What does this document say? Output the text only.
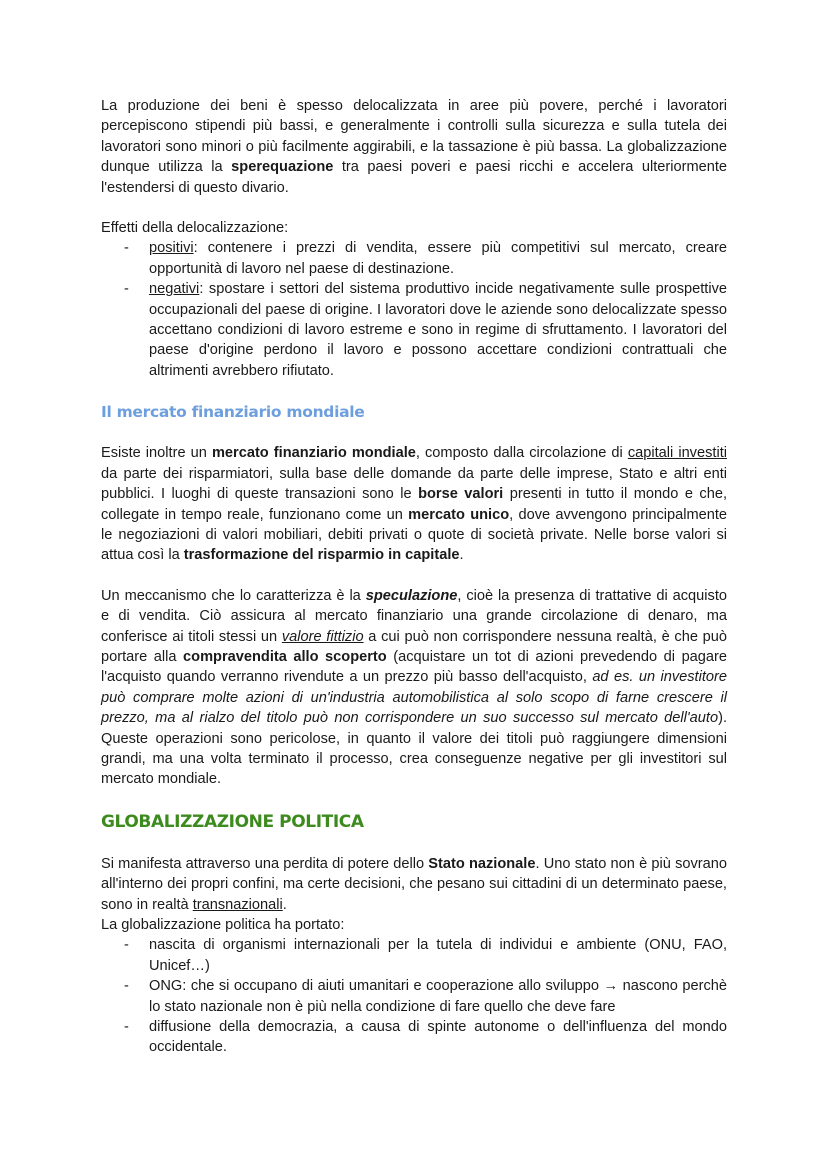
La produzione dei beni è spesso delocalizzata in aree più povere, perché i lavoratori percepiscono stipendi più bassi, e generalmente i controlli sulla sicurezza e sulla tutela dei lavoratori sono minori o più facilmente aggirabili, e la tassazione è più bassa. La globalizzazione dunque utilizza la sperequazione tra paesi poveri e paesi ricchi e accelera ulteriormente l'estendersi di questo divario.

Effetti della delocalizzazione:

- positivi: contenere i prezzi di vendita, essere più competitivi sul mercato, creare opportunità di lavoro nel paese di destinazione.
- negativi: spostare i settori del sistema produttivo incide negativamente sulle prospettive occupazionali del paese di origine. I lavoratori dove le aziende sono delocalizzate spesso accettano condizioni di lavoro estreme e sono in regime di sfruttamento. I lavoratori del paese d'origine perdono il lavoro e possono accettare condizioni contrattuali che altrimenti avrebbero rifiutato.
Il mercato finanziario mondiale

Esiste inoltre un mercato finanziario mondiale, composto dalla circolazione di capitali investiti da parte dei risparmiatori, sulla base delle domande da parte delle imprese, Stato e altri enti pubblici. I luoghi di queste transazioni sono le borse valori presenti in tutto il mondo e che, collegate in tempo reale, funzionano come un mercato unico, dove avvengono principalmente le negoziazioni di valori mobiliari, debiti privati o quote di società private. Nelle borse valori si attua così la trasformazione del risparmio in capitale.

Un meccanismo che lo caratterizza è la speculazione, cioè la presenza di trattative di acquisto e di vendita. Ciò assicura al mercato finanziario una grande circolazione di denaro, ma conferisce ai titoli stessi un valore fittizio a cui può non corrispondere nessuna realtà, è che può portare alla compravendita allo scoperto (acquistare un tot di azioni prevedendo di pagare l'acquisto quando verranno rivendute a un prezzo più basso dell'acquisto, ad es. un investitore può comprare molte azioni di un'industria automobilistica al solo scopo di farne crescere il prezzo, ma al rialzo del titolo può non corrispondere un suo successo sul mercato dell'auto). Queste operazioni sono pericolose, in quanto il valore dei titoli può raggiungere dimensioni grandi, ma una volta terminato il processo, crea conseguenze negative per gli investitori sul mercato mondiale.

GLOBALIZZAZIONE POLITICA

Si manifesta attraverso una perdita di potere dello Stato nazionale. Uno stato non è più sovrano all'interno dei propri confini, ma certe decisioni, che pesano sui cittadini di un determinato paese, sono in realtà transnazionali.

La globalizzazione politica ha portato:

- nascita di organismi internazionali per la tutela di individui e ambiente (ONU, FAO, Unicef…)
- ONG: che si occupano di aiuti umanitari e cooperazione allo sviluppo → nascono perchè lo stato nazionale non è più nella condizione di fare quello che deve fare
- diffusione della democrazia, a causa di spinte autonome o dell'influenza del mondo occidentale.
